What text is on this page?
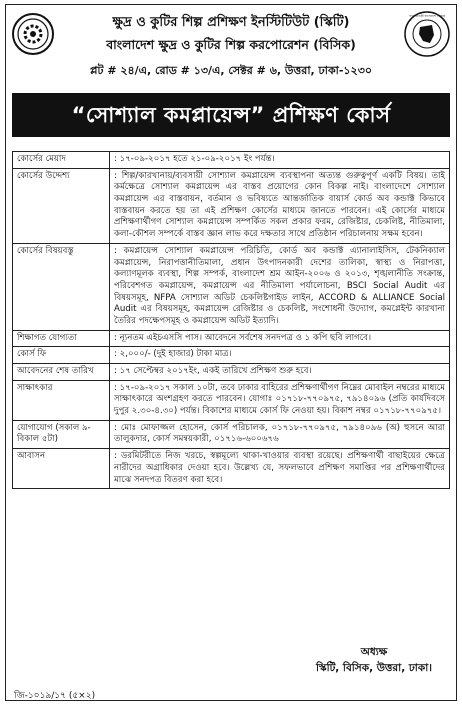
ক্ষুদ্র ও কুটির শিল্প প্রশিক্ষণ ইনস্টিটিউট (স্কিটি)
বাংলাদেশ ক্ষুদ্র ও কুটির শিল্প করপোরেশন (বিসিক)
প্লট # ২৪/এ, রোড # ১৩/এ, সেক্টর # ৬, উত্তরা, ঢাকা-১২৩০
গণপ্রজাতন্ত্রী বাংলাদেশ সরকার
“সোশ্যাল কমপ্লায়েন্স” প্রশিক্ষণ কোর্স
কোর্সের মেয়াদ	: ১৭-০৯-২০১৭ হতে ২১-০৯-২০১৭ ইং পর্যন্ত।
কোর্সের উদ্দেশ্য	: শিল্প/কারখানায়/ব্যবসায়ী সোশ্যাল কমপ্লায়েন্স ব্যবস্থাপনা অত্যন্ত গুরুত্বপূর্ণ একটি বিষয়। তাই কর্মক্ষেত্রে সোশ্যাল কমপ্লায়েন্স এর বাস্তব প্রয়োগের কোন বিকল্প নাই। বাংলাদেশে সোশ্যাল কমপ্লায়েন্স এর বাস্তবায়ন, বর্তমান ও ভবিষ্যতে আন্তর্জাতিক বায়ার্স কোর্ড অব কন্ডাক্ট কিভাবে বাস্তবায়ন করতে হয় তা এই প্রশিক্ষণ কোর্সের মাধ্যমে জানতে পারবেন। এই কোর্সের মাধ্যমে প্রশিক্ষণার্থীগণ সোশ্যাল কমপ্লায়েন্স সম্পর্কিত সকল প্রকার ফরম, রেজিষ্টার, চেকলিষ্ট, নীতিমালা, কলা-কৌশল সম্পর্কে বাস্তব জ্ঞান লাভ করে দক্ষতার সাথে প্রতিষ্ঠান পরিচালনায় সক্ষম হবেন।
কোর্সের বিষয়বস্তু	: কমপ্লায়েন্স সোশ্যাল কমপ্লায়েন্স পরিচিতি, কোর্ড অব কন্ডাক্ট এ্যানালাইসিস, টেকনিক্যাল কমপ্লায়েন্স, নিরাপত্তানীতিমালা, প্রধান উৎপাদনকারী দেশের তালিকা, স্বাস্থ্য ও নিরাপত্তা, কল্যাণমূলক ব্যবস্থা, শিল্প সম্পর্ক, বাংলাদেশ শ্রম আইন-২০০৬ ও ২০১৩, শৃঙ্খলানীতি সংক্রান্ত, পরিবেশগত কমপ্লায়েন্স, কমপ্লায়েন্স এর নীতিমালা পর্যালোচনা, BSCI Social Audit এর বিষয়সমূহ, NFPA সোশ্যাল অডিট চেকলিষ্টগাইড লাইন, ACCORD & ALLIANCE Social Audit এর বিষয়সমূহ, কমপ্লায়েন্স রেজিষ্টার ও চেকলিষ্ট, সংশোধনী উদ্যোগ, কমপ্লেইন্ট কারখানা তৈরির পদক্ষেপসমূহ ও কমপ্লায়েন্স অডিট ইত্যাদি।
শিক্ষাগত যোগ্যতা	: ন্যূনতম এইচএসসি পাস। আবেদনে সর্বশেষ সনদপত্র ও ১ কপি ছবি লাগবে।
কোর্স ফি	: ২,০০০/- (দুই হাজার) টাকা মাত্র।
আবেদনের শেষ তারিখ	: ১৭ সেপ্টেম্বর ২০১৭ইং, একই তারিখে প্রশিক্ষণ শুরু হবে।
সাক্ষাৎকার	: ১৭-০৯-২০১৭ সকাল ১০টা, তবে ঢাকার বাহিরের প্রশিক্ষণার্থীগণ নিম্নের মোবাইল নম্বরের মাধ্যমে সাক্ষাৎকারে অংশগ্রহণ করতে পারবেন। যোগাঃ ০১৭১৮-৭৭০৯৭৫, ৭৯১৪০৯৬ (প্রতি কার্যদিবসে দুপুর ২.৩০-৪.৩০) পর্যন্ত। বিকাশের মাধ্যমে কোর্স ফি নেওয়া হয়। বিকাশ নম্বর ০১৭১৮-৭৭০৯৭৫।
যোগাযোগ (সকাল ৯-বিকাল ৫টা)	: মোঃ মোফাজ্জল হোসেন, কোর্স পরিচালক, ০১৭১৮-৭৭০৯৭৫, ৭৯১৪০৯৬ (অ) হুসনে আরা তালুকদার, কোর্স সমন্বয়কারী, ০১৭১৬-৬০০৬৭৬
আবাসন	: ডরমিটরীতে নিজ খরচে, স্বল্পমূল্যে থাকা-খাওয়ার ব্যবস্থা রয়েছে। প্রশিক্ষণার্থী বাছাইয়ের ক্ষেত্রে নারীদের অগ্রাধিকার দেওয়া হবে। উল্লেখ্য যে, সফলভাবে প্রশিক্ষণ সমাপ্তির পর প্রশিক্ষণার্থীদের মাঝে সনদপত্র বিতরণ করা হবে।
অধ্যক্ষ
স্কিটি, বিসিক, উত্তরা, ঢাকা।
জি-১০১৯/১৭ (৫×২)
